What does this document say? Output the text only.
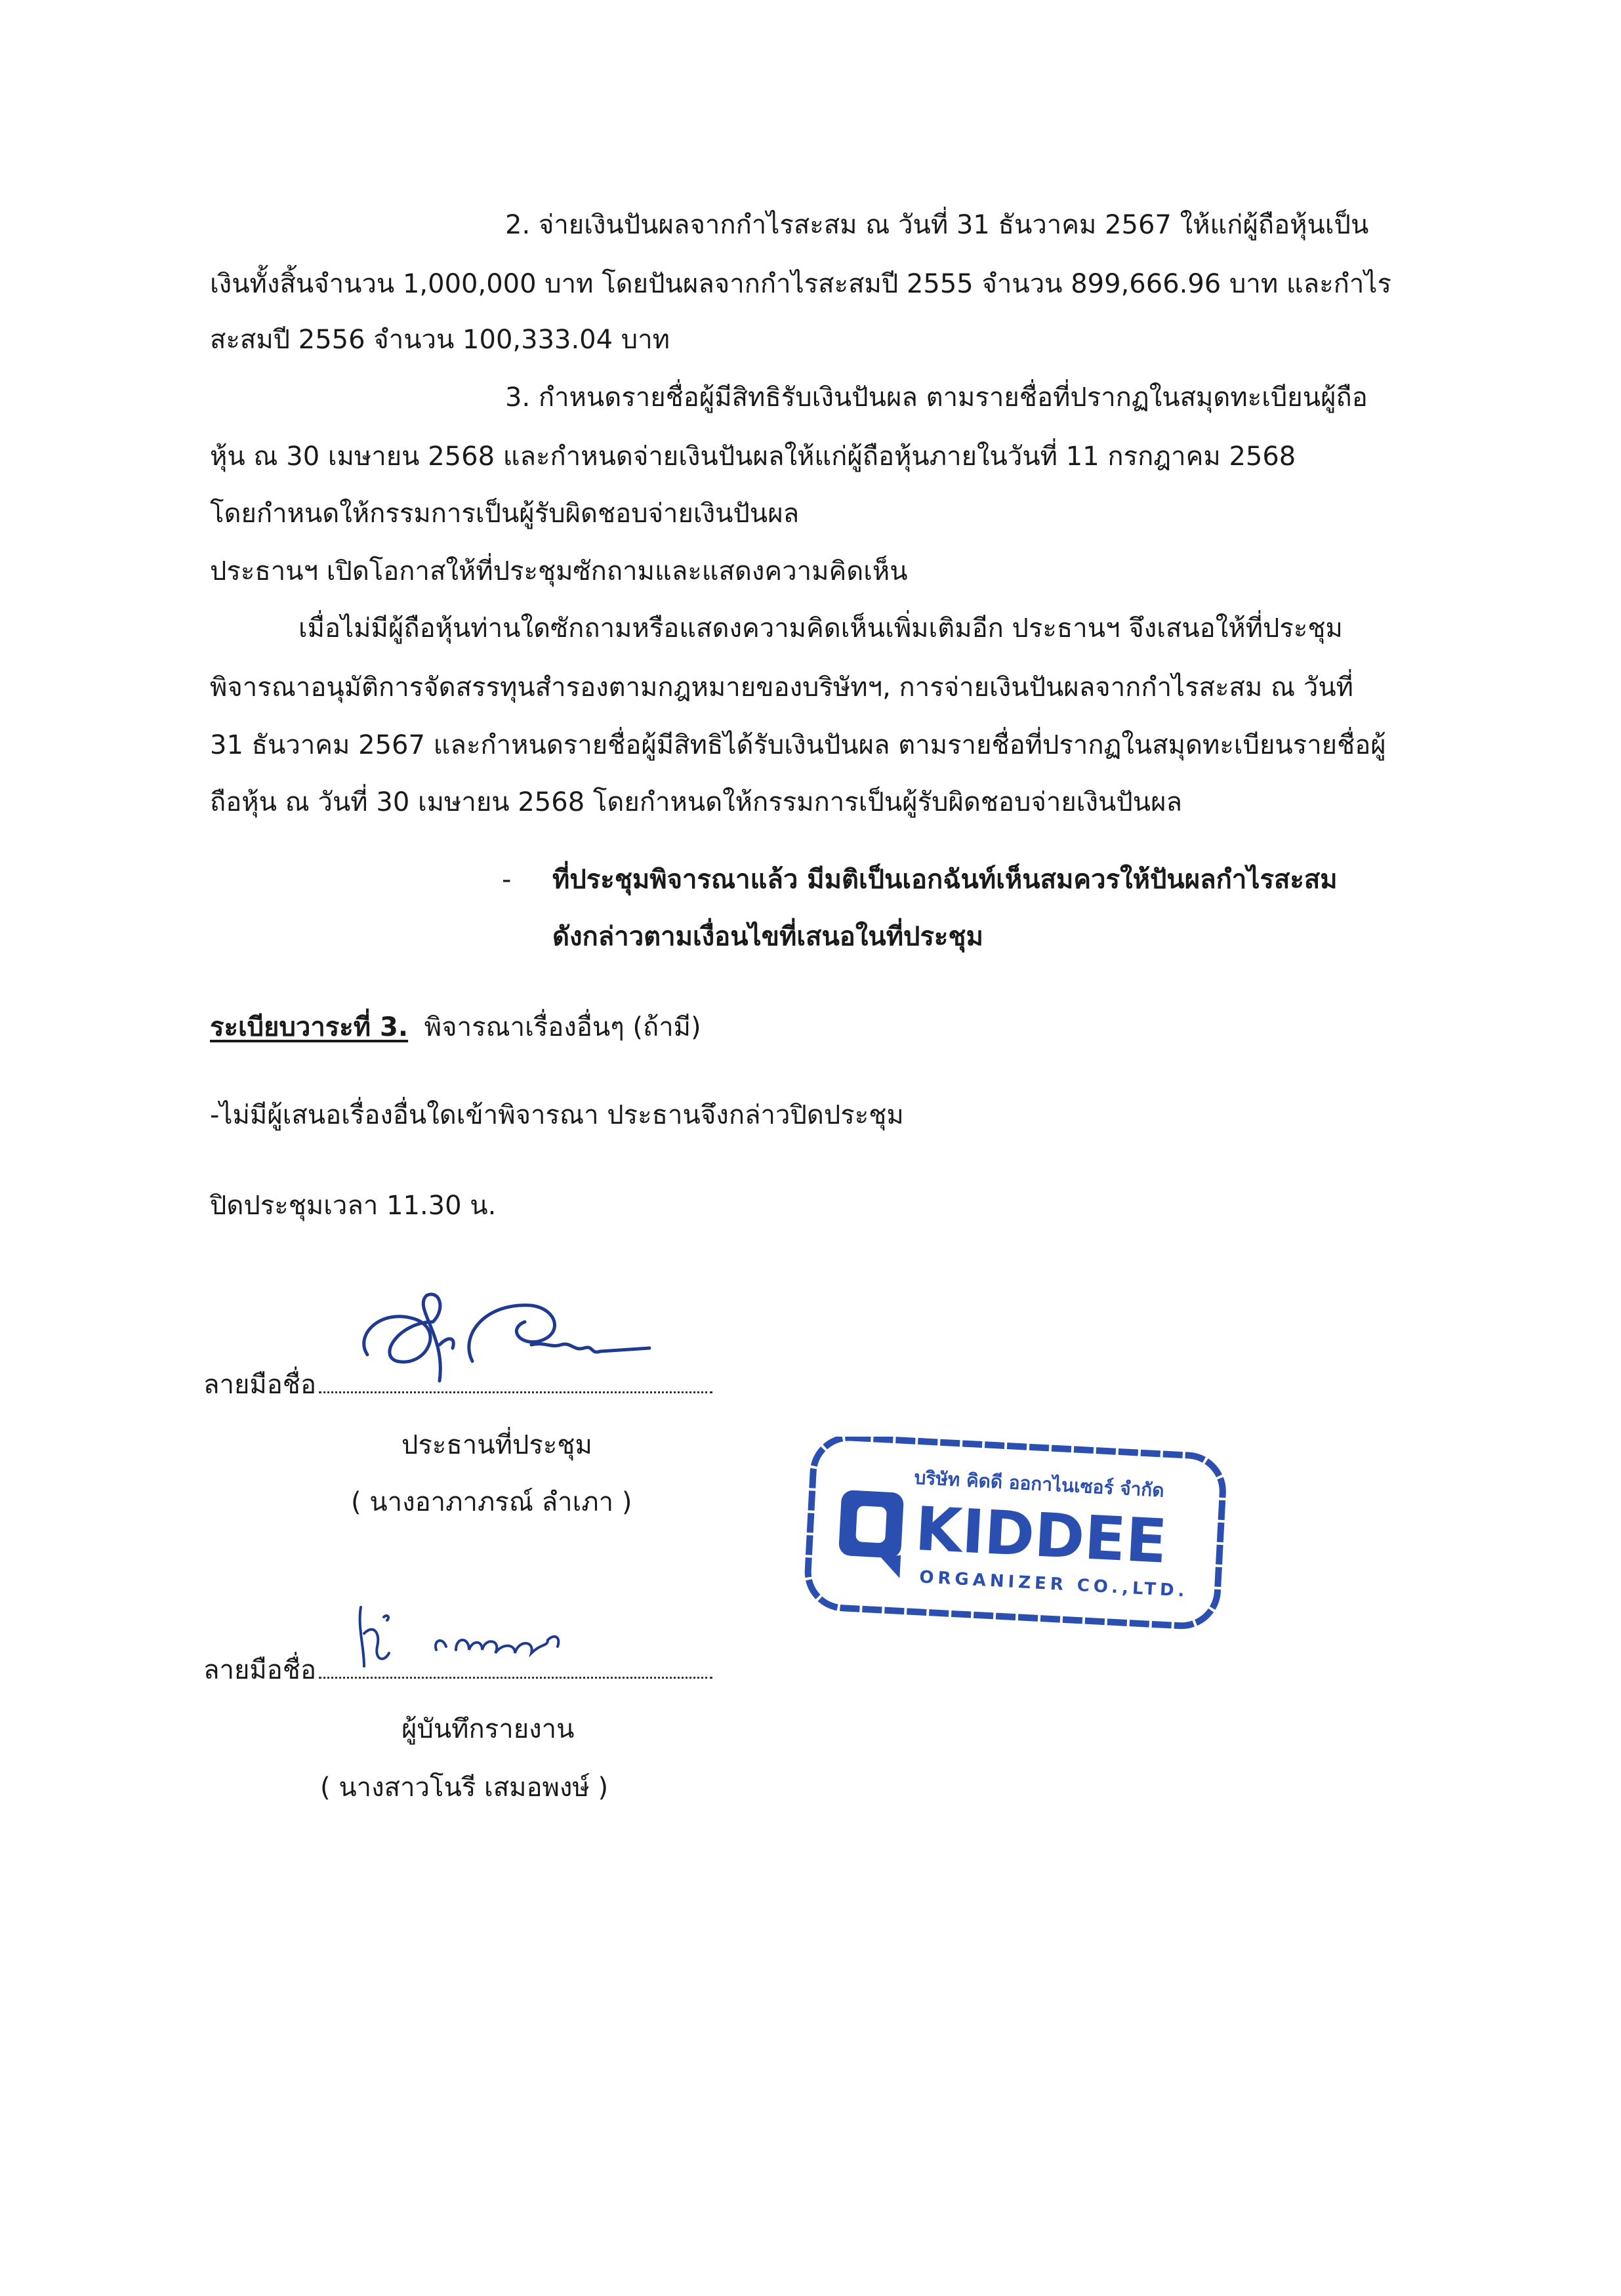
2. จ่ายเงินปันผลจากกำไรสะสม ณ วันที่ 31 ธันวาคม 2567 ให้แก่ผู้ถือหุ้นเป็น
เงินทั้งสิ้นจำนวน 1,000,000 บาท โดยปันผลจากกำไรสะสมปี 2555 จำนวน 899,666.96 บาท และกำไร
สะสมปี 2556 จำนวน 100,333.04 บาท
3. กำหนดรายชื่อผู้มีสิทธิรับเงินปันผล ตามรายชื่อที่ปรากฏในสมุดทะเบียนผู้ถือ
หุ้น ณ 30 เมษายน 2568 และกำหนดจ่ายเงินปันผลให้แก่ผู้ถือหุ้นภายในวันที่ 11 กรกฎาคม 2568
โดยกำหนดให้กรรมการเป็นผู้รับผิดชอบจ่ายเงินปันผล
ประธานฯ เปิดโอกาสให้ที่ประชุมซักถามและแสดงความคิดเห็น
เมื่อไม่มีผู้ถือหุ้นท่านใดซักถามหรือแสดงความคิดเห็นเพิ่มเติมอีก ประธานฯ จึงเสนอให้ที่ประชุม
พิจารณาอนุมัติการจัดสรรทุนสำรองตามกฎหมายของบริษัทฯ, การจ่ายเงินปันผลจากกำไรสะสม ณ วันที่
31 ธันวาคม 2567 และกำหนดรายชื่อผู้มีสิทธิได้รับเงินปันผล ตามรายชื่อที่ปรากฏในสมุดทะเบียนรายชื่อผู้
ถือหุ้น ณ วันที่ 30 เมษายน 2568 โดยกำหนดให้กรรมการเป็นผู้รับผิดชอบจ่ายเงินปันผล
- ที่ประชุมพิจารณาแล้ว มีมติเป็นเอกฉันท์เห็นสมควรให้ปันผลกำไรสะสม
ดังกล่าวตามเงื่อนไขที่เสนอในที่ประชุม
ระเบียบวาระที่ 3. พิจารณาเรื่องอื่นๆ (ถ้ามี)
-ไม่มีผู้เสนอเรื่องอื่นใดเข้าพิจารณา ประธานจึงกล่าวปิดประชุม
ปิดประชุมเวลา 11.30 น.
ลายมือชื่อ
ประธานที่ประชุม
( นางอาภาภรณ์ ลำเภา )
บริษัท คิดดี ออกาไนเซอร์ จำกัด
KIDDEE
ORGANIZER CO.,LTD.
ลายมือชื่อ
ผู้บันทึกรายงาน
( นางสาวโนรี เสมอพงษ์ )
